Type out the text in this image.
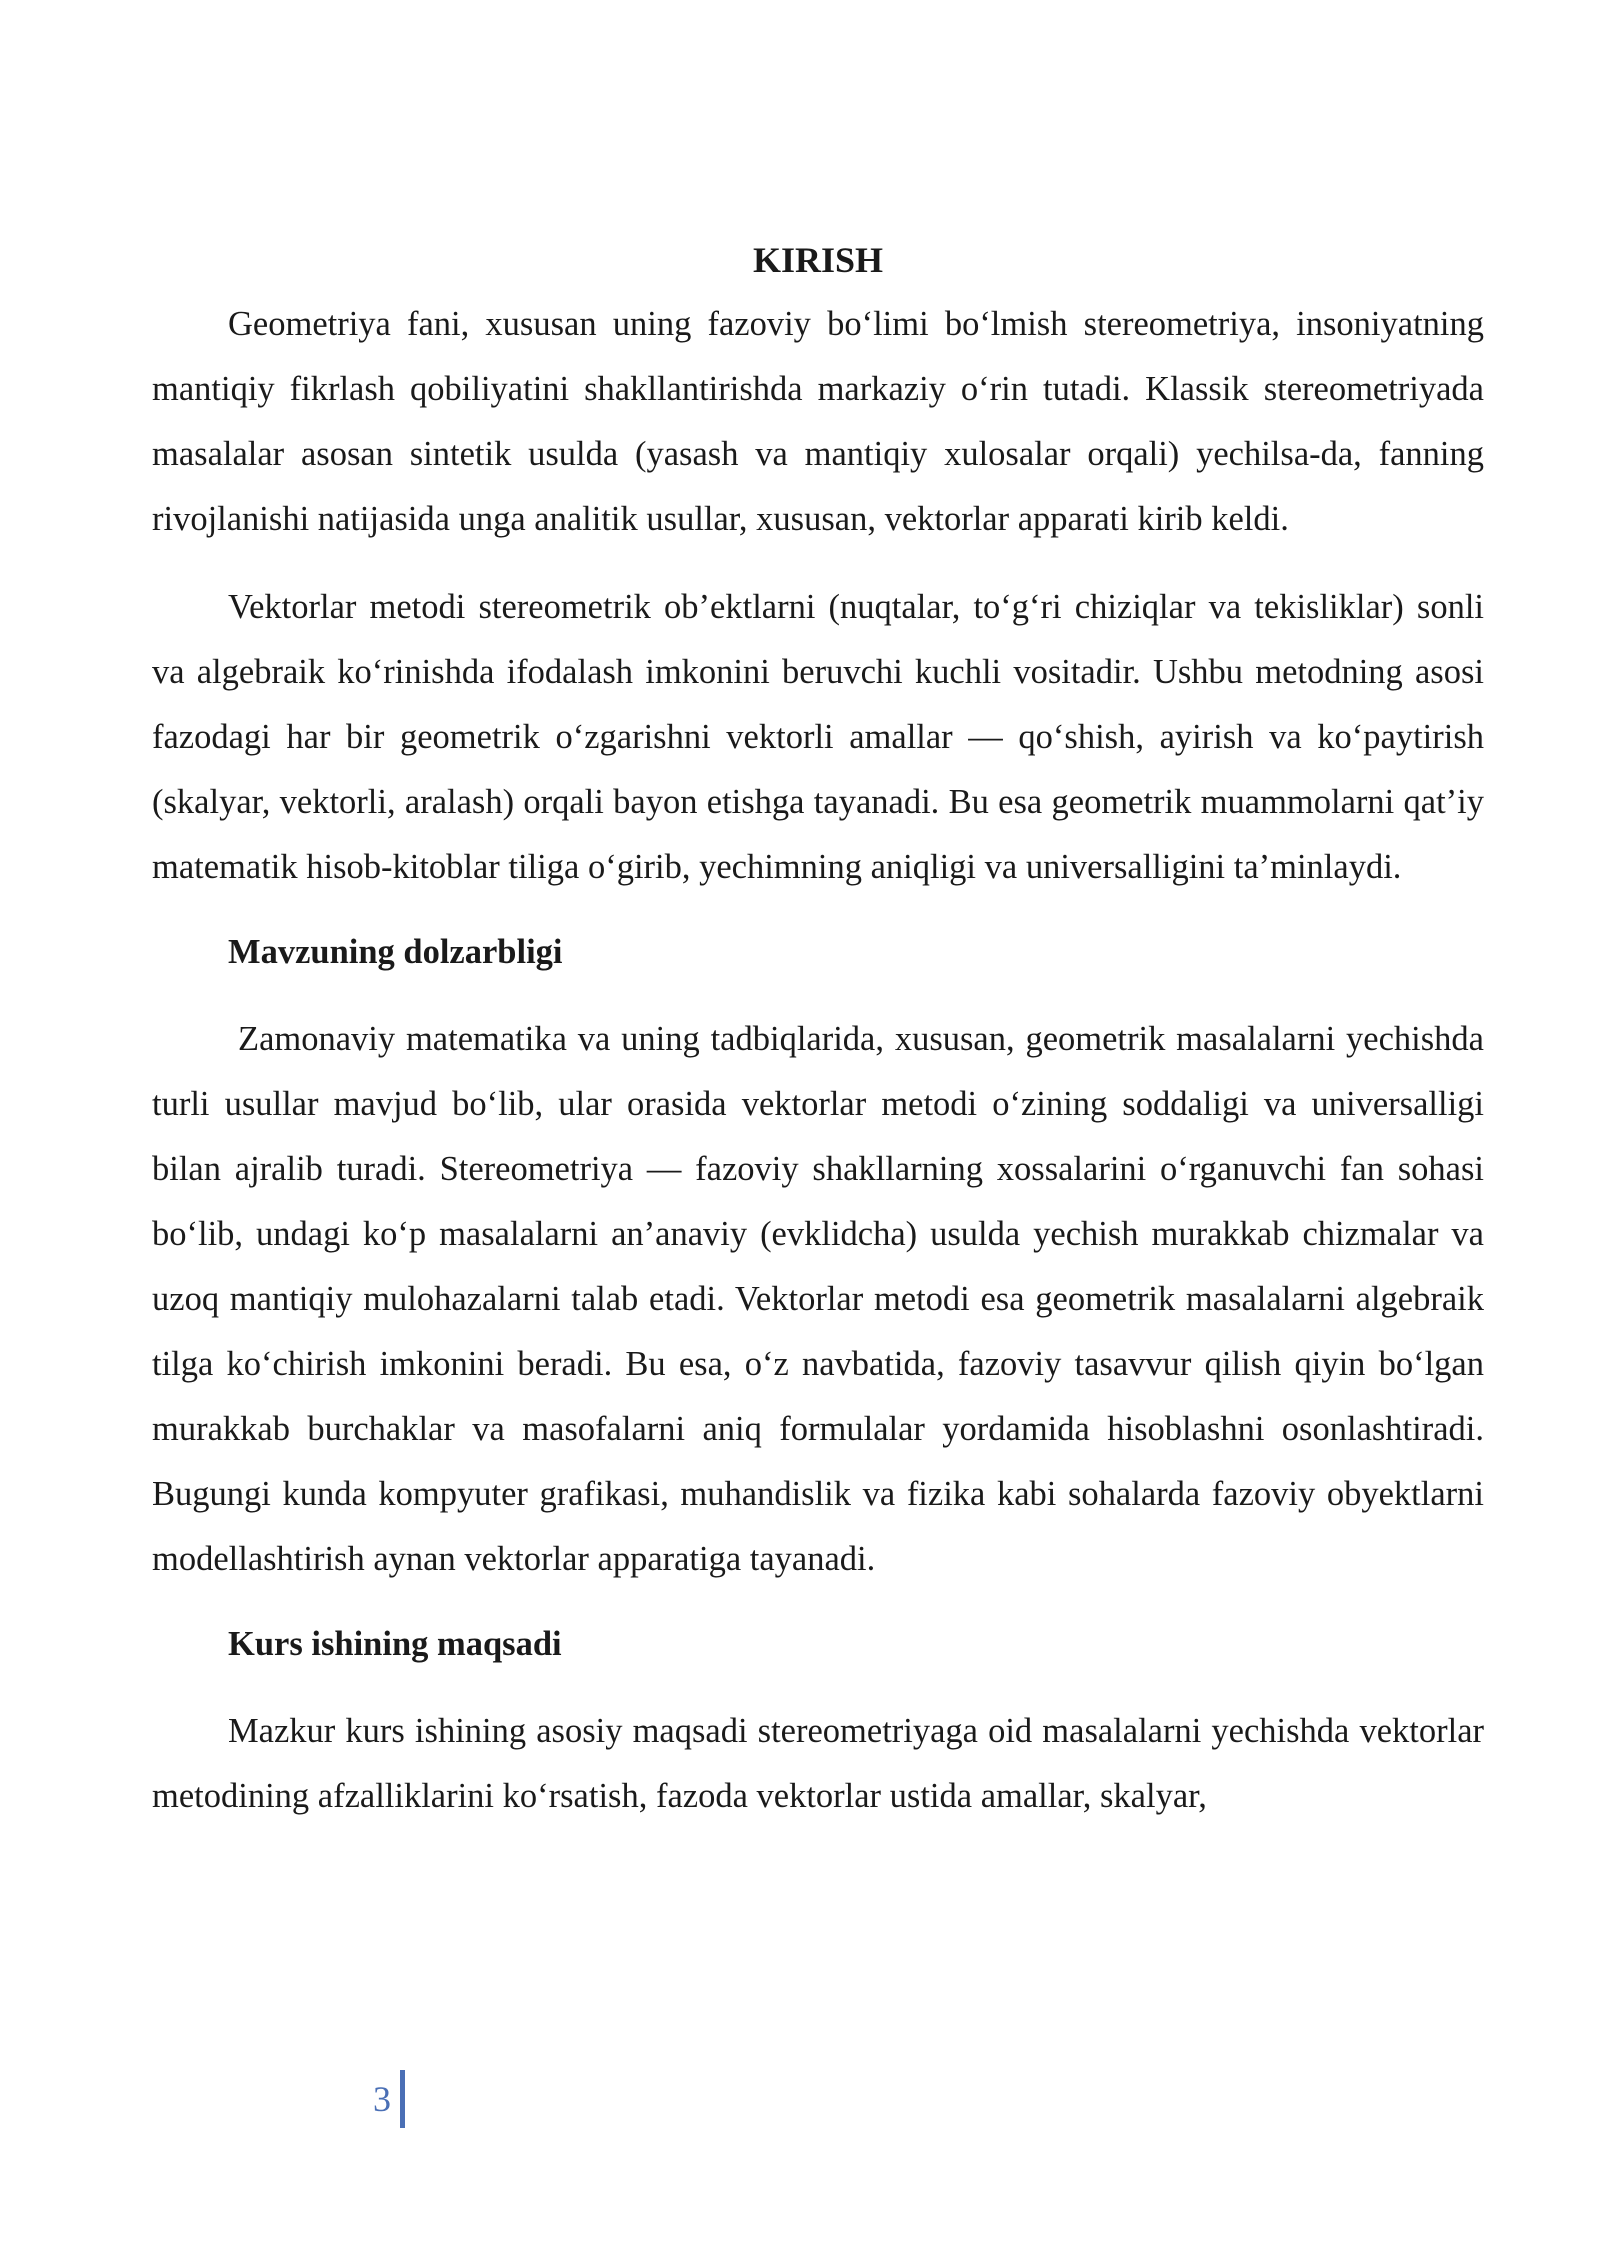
KIRISH

Geometriya fani, xususan uning fazoviy bo‘limi bo‘lmish stereometriya, insoniyatning mantiqiy fikrlash qobiliyatini shakllantirishda markaziy o‘rin tutadi. Klassik stereometriyada masalalar asosan sintetik usulda (yasash va mantiqiy xulosalar orqali) yechilsa-da, fanning rivojlanishi natijasida unga analitik usullar, xususan, vektorlar apparati kirib keldi.

Vektorlar metodi stereometrik ob’ektlarni (nuqtalar, to‘g‘ri chiziqlar va tekisliklar) sonli va algebraik ko‘rinishda ifodalash imkonini beruvchi kuchli vositadir. Ushbu metodning asosi fazodagi har bir geometrik o‘zgarishni vektorli amallar — qo‘shish, ayirish va ko‘paytirish (skalyar, vektorli, aralash) orqali bayon etishga tayanadi. Bu esa geometrik muammolarni qat’iy matematik hisob-kitoblar tiliga o‘girib, yechimning aniqligi va universalligini ta’minlaydi.

Mavzuning dolzarbligi

Zamonaviy matematika va uning tadbiqlarida, xususan, geometrik masalalarni yechishda turli usullar mavjud bo‘lib, ular orasida vektorlar metodi o‘zining soddaligi va universalligi bilan ajralib turadi. Stereometriya — fazoviy shakllarning xossalarini o‘rganuvchi fan sohasi bo‘lib, undagi ko‘p masalalarni an’anaviy (evklidcha) usulda yechish murakkab chizmalar va uzoq mantiqiy mulohazalarni talab etadi. Vektorlar metodi esa geometrik masalalarni algebraik tilga ko‘chirish imkonini beradi. Bu esa, o‘z navbatida, fazoviy tasavvur qilish qiyin bo‘lgan murakkab burchaklar va masofalarni aniq formulalar yordamida hisoblashni osonlashtiradi. Bugungi kunda kompyuter grafikasi, muhandislik va fizika kabi sohalarda fazoviy obyektlarni modellashtirish aynan vektorlar apparatiga tayanadi.

Kurs ishining maqsadi

Mazkur kurs ishining asosiy maqsadi stereometriyaga oid masalalarni yechishda vektorlar metodining afzalliklarini ko‘rsatish, fazoda vektorlar ustida amallar, skalyar,

3
